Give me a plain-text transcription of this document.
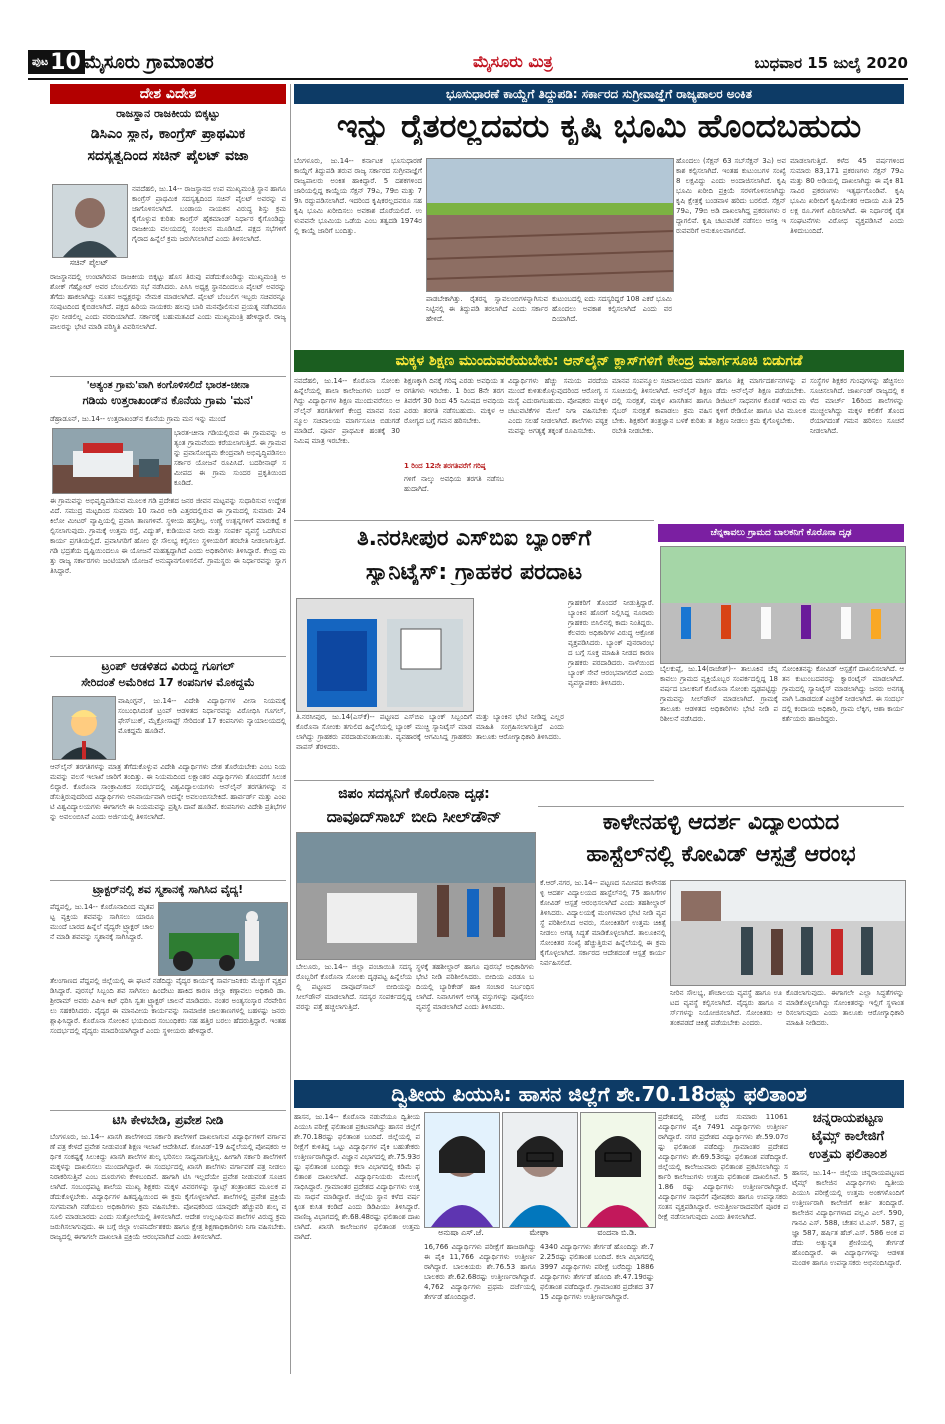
ಪುಟ 10 ಮೈಸೂರು ಗ್ರಾಮಾಂತರ	ಮೈಸೂರು ಮಿತ್ರ	ಬುಧವಾರ 15 ಜುಲೈ 2020
ದೇಶ ವಿದೇಶ
ರಾಜಸ್ಥಾನ ರಾಜಕೀಯ ಬಿಕ್ಕಟ್ಟು
ಡಿಸಿಎಂ ಸ್ಥಾನ, ಕಾಂಗ್ರೆಸ್ ಪ್ರಾಥಮಿಕ
ಸದಸ್ಯತ್ವದಿಂದ ಸಚಿನ್ ಪೈಲಟ್ ವಜಾ
ಸಚಿನ್ ಪೈಲಟ್
ನವದೆಹಲಿ, ಜು.14-- ರಾಜಸ್ಥಾನದ ಉಪ ಮುಖ್ಯಮಂತ್ರಿ ಸ್ಥಾನ ಹಾಗೂ ಕಾಂಗ್ರೆಸ್ ಪ್ರಾಥಮಿಕ ಸದಸ್ಯತ್ವದಿಂದ ಸಚಿನ್ ಪೈಲಟ್ ಅವರನ್ನು ವಜಾಗೊಳಿಸಲಾಗಿದೆ. ಬಂಡಾಯ ನಾಯಕನ ವಿರುದ್ಧ ಶಿಸ್ತು ಕ್ರಮ ಕೈಗೊಳ್ಳುವ ಕುರಿತು ಕಾಂಗ್ರೆಸ್ ಹೈಕಮಾಂಡ್ ನಿರ್ಧಾರ ಕೈಗೊಂಡಿದ್ದು ರಾಜಕೀಯ ವಲಯದಲ್ಲಿ ಸಂಚಲನ ಮೂಡಿಸಿದೆ. ಪಕ್ಷದ ಸಭೆಗಳಿಗೆ ಗೈರಾದ ಹಿನ್ನೆಲೆ ಕ್ರಮ ಜರುಗಿಸಲಾಗಿದೆ ಎಂದು ತಿಳಿಸಲಾಗಿದೆ.
ರಾಜಸ್ಥಾನದಲ್ಲಿ ಉಂಟಾಗಿರುವ ರಾಜಕೀಯ ಬಿಕ್ಕಟ್ಟು ಹೊಸ ತಿರುವು ಪಡೆದುಕೊಂಡಿದ್ದು ಮುಖ್ಯಮಂತ್ರಿ ಅಶೋಕ್ ಗೆಹ್ಲೋಟ್ ಅವರ ಬೆಂಬಲಿಗರು ಸಭೆ ನಡೆಸಿದರು. ಪಿಸಿಸಿ ಅಧ್ಯಕ್ಷ ಸ್ಥಾನದಿಂದಲೂ ಪೈಲಟ್ ಅವರನ್ನು ತೆಗೆದು ಹಾಕಲಾಗಿದ್ದು ನೂತನ ಅಧ್ಯಕ್ಷರನ್ನು ನೇಮಕ ಮಾಡಲಾಗಿದೆ. ಪೈಲಟ್ ಬೆಂಬಲಿಗ ಇಬ್ಬರು ಸಚಿವರನ್ನೂ ಸಂಪುಟದಿಂದ ಕೈಬಿಡಲಾಗಿದೆ. ಪಕ್ಷದ ಹಿರಿಯ ನಾಯಕರು ಹಲವು ಬಾರಿ ಮನವೊಲಿಸುವ ಪ್ರಯತ್ನ ನಡೆಸಿದರೂ ಫಲ ನೀಡಲಿಲ್ಲ ಎಂದು ವರದಿಯಾಗಿದೆ. ಸರ್ಕಾರಕ್ಕೆ ಬಹುಮತವಿದೆ ಎಂದು ಮುಖ್ಯಮಂತ್ರಿ ಹೇಳಿದ್ದಾರೆ. ರಾಜ್ಯಪಾಲರನ್ನು ಭೇಟಿ ಮಾಡಿ ಪರಿಸ್ಥಿತಿ ವಿವರಿಸಲಾಗಿದೆ.
'ಅತ್ಯಂತ ಗ್ರಾಮ'ವಾಗಿ ಕಂಗೊಳಿಸಲಿದೆ ಭಾರತ-ಚೀನಾ
ಗಡಿಯ ಉತ್ತರಾಖಂಡ್‌ನ ಕೊನೆಯ ಗ್ರಾಮ 'ಮನ'
ಡೆಹ್ರಾಡೂನ್, ಜು.14-- ಉತ್ತರಾಖಂಡ್‌ನ ಕೊನೆಯ ಗ್ರಾಮ ಮನ ಇನ್ನು ಮುಂದೆ
ಭಾರತ-ಚೀನಾ ಗಡಿಯಲ್ಲಿರುವ ಈ ಗ್ರಾಮವನ್ನು ಅತ್ಯಂತ ಗ್ರಾಮವೆಂದು ಕರೆಯಲಾಗುತ್ತಿದೆ. ಈ ಗ್ರಾಮವನ್ನು ಪ್ರವಾಸೋದ್ಯಮ ಕೇಂದ್ರವಾಗಿ ಅಭಿವೃದ್ಧಿಪಡಿಸಲು ಸರ್ಕಾರ ಯೋಜನೆ ರೂಪಿಸಿದೆ. ಬದರೀನಾಥ್ ಸಮೀಪದ ಈ ಗ್ರಾಮ ಸುಂದರ ಪ್ರಕೃತಿಯಿಂದ ಕೂಡಿದೆ.
ಈ ಗ್ರಾಮವನ್ನು ಅಭಿವೃದ್ಧಿಪಡಿಸುವ ಮೂಲಕ ಗಡಿ ಪ್ರದೇಶದ ಜನರ ಜೀವನ ಮಟ್ಟವನ್ನು ಸುಧಾರಿಸುವ ಉದ್ದೇಶವಿದೆ. ಸಮುದ್ರ ಮಟ್ಟದಿಂದ ಸುಮಾರು 10 ಸಾವಿರ ಅಡಿ ಎತ್ತರದಲ್ಲಿರುವ ಈ ಗ್ರಾಮದಲ್ಲಿ ಸುಮಾರು 24 ಕಿಲೋ ಮೀಟರ್ ವ್ಯಾಪ್ತಿಯಲ್ಲಿ ಪ್ರವಾಸಿ ತಾಣಗಳಿವೆ. ಸ್ಥಳೀಯ ಹಸ್ತಶಿಲ್ಪ, ಉಣ್ಣೆ ಉತ್ಪನ್ನಗಳಿಗೆ ಮಾರುಕಟ್ಟೆ ಕಲ್ಪಿಸಲಾಗುವುದು. ಗ್ರಾಮಕ್ಕೆ ಉತ್ತಮ ರಸ್ತೆ, ವಿದ್ಯುತ್, ಕುಡಿಯುವ ನೀರು ಮತ್ತು ಸಂಪರ್ಕ ವ್ಯವಸ್ಥೆ ಒದಗಿಸುವ ಕಾರ್ಯ ಪ್ರಗತಿಯಲ್ಲಿದೆ. ಪ್ರವಾಸಿಗರಿಗೆ ಹೋಂ ಸ್ಟೇ ಸೌಲಭ್ಯ ಕಲ್ಪಿಸಲು ಸ್ಥಳೀಯರಿಗೆ ತರಬೇತಿ ನೀಡಲಾಗುತ್ತಿದೆ. ಗಡಿ ಭದ್ರತೆಯ ದೃಷ್ಟಿಯಿಂದಲೂ ಈ ಯೋಜನೆ ಮಹತ್ವದ್ದಾಗಿದೆ ಎಂದು ಅಧಿಕಾರಿಗಳು ತಿಳಿಸಿದ್ದಾರೆ. ಕೇಂದ್ರ ಮತ್ತು ರಾಜ್ಯ ಸರ್ಕಾರಗಳು ಜಂಟಿಯಾಗಿ ಯೋಜನೆ ಅನುಷ್ಠಾನಗೊಳಿಸಲಿವೆ. ಗ್ರಾಮಸ್ಥರು ಈ ನಿರ್ಧಾರವನ್ನು ಸ್ವಾಗತಿಸಿದ್ದಾರೆ.
ಟ್ರಂಪ್ ಆಡಳಿತದ ವಿರುದ್ಧ ಗೂಗಲ್
ಸೇರಿದಂತೆ ಅಮೆರಿಕದ 17 ಕಂಪನಿಗಳ ಮೊಕದ್ದಮೆ
ವಾಷಿಂಗ್ಟನ್, ಜು.14-- ವಿದೇಶಿ ವಿದ್ಯಾರ್ಥಿಗಳ ವೀಸಾ ನಿಯಮಕ್ಕೆ ಸಂಬಂಧಿಸಿದಂತೆ ಟ್ರಂಪ್ ಆಡಳಿತದ ನಿರ್ಧಾರವನ್ನು ವಿರೋಧಿಸಿ ಗೂಗಲ್, ಫೇಸ್‌ಬುಕ್, ಮೈಕ್ರೋಸಾಫ್ಟ್ ಸೇರಿದಂತೆ 17 ಕಂಪನಿಗಳು ನ್ಯಾಯಾಲಯದಲ್ಲಿ ಮೊಕದ್ದಮೆ ಹೂಡಿವೆ.
ಆನ್‌ಲೈನ್ ತರಗತಿಗಳನ್ನು ಮಾತ್ರ ತೆಗೆದುಕೊಳ್ಳುವ ವಿದೇಶಿ ವಿದ್ಯಾರ್ಥಿಗಳು ದೇಶ ತೊರೆಯಬೇಕು ಎಂಬ ನಿಯಮವನ್ನು ವಲಸೆ ಇಲಾಖೆ ಜಾರಿಗೆ ತಂದಿತ್ತು. ಈ ನಿಯಮದಿಂದ ಲಕ್ಷಾಂತರ ವಿದ್ಯಾರ್ಥಿಗಳು ತೊಂದರೆಗೆ ಸಿಲುಕಲಿದ್ದಾರೆ. ಕೊರೊನಾ ಸಾಂಕ್ರಾಮಿಕದ ಸಂದರ್ಭದಲ್ಲಿ ವಿಶ್ವವಿದ್ಯಾಲಯಗಳು ಆನ್‌ಲೈನ್ ತರಗತಿಗಳನ್ನು ನಡೆಸುತ್ತಿರುವುದರಿಂದ ವಿದ್ಯಾರ್ಥಿಗಳು ಅನಿವಾರ್ಯವಾಗಿ ಅದನ್ನೇ ಅವಲಂಬಿಸಬೇಕಿದೆ. ಹಾರ್ವರ್ಡ್ ಮತ್ತು ಎಂಐಟಿ ವಿಶ್ವವಿದ್ಯಾಲಯಗಳು ಈಗಾಗಲೇ ಈ ನಿಯಮವನ್ನು ಪ್ರಶ್ನಿಸಿ ದಾವೆ ಹೂಡಿವೆ. ಕಂಪನಿಗಳು ವಿದೇಶಿ ಪ್ರತಿಭೆಗಳನ್ನು ಅವಲಂಬಿಸಿವೆ ಎಂದು ಅರ್ಜಿಯಲ್ಲಿ ತಿಳಿಸಲಾಗಿದೆ.
ಟ್ರ್ಯಾಕ್ಟರ್‌ನಲ್ಲಿ ಶವ ಸ್ಮಶಾನಕ್ಕೆ ಸಾಗಿಸಿದ ವೈದ್ಯ!
ಪೆದ್ದಪಲ್ಲಿ, ಜು.14-- ಕೊರೊನಾದಿಂದ ಮೃತಪಟ್ಟ ವ್ಯಕ್ತಿಯ ಶವವನ್ನು ಸಾಗಿಸಲು ಯಾರೂ ಮುಂದೆ ಬಾರದ ಹಿನ್ನೆಲೆ ವೈದ್ಯರೇ ಟ್ರ್ಯಾಕ್ಟರ್ ಚಾಲನೆ ಮಾಡಿ ಶವವನ್ನು ಸ್ಮಶಾನಕ್ಕೆ ಸಾಗಿಸಿದ್ದಾರೆ.
ತೆಲಂಗಾಣದ ಪೆದ್ದಪಲ್ಲಿ ಜಿಲ್ಲೆಯಲ್ಲಿ ಈ ಘಟನೆ ನಡೆದಿದ್ದು ವೈದ್ಯರ ಕಾರ್ಯಕ್ಕೆ ಸಾರ್ವಜನಿಕರು ಮೆಚ್ಚುಗೆ ವ್ಯಕ್ತಪಡಿಸಿದ್ದಾರೆ. ಪುರಸಭೆ ಸಿಬ್ಬಂದಿ ಶವ ಸಾಗಿಸಲು ಹಿಂದೇಟು ಹಾಕಿದ ಕಾರಣ ಜಿಲ್ಲಾ ಕಣ್ಗಾವಲು ಅಧಿಕಾರಿ ಡಾ. ಶ್ರೀರಾಮ್ ಅವರು ಪಿಪಿಇ ಕಿಟ್ ಧರಿಸಿ ಸ್ವತಃ ಟ್ರ್ಯಾಕ್ಟರ್ ಚಾಲನೆ ಮಾಡಿದರು. ನಂತರ ಅಂತ್ಯಸಂಸ್ಕಾರ ನೆರವೇರಿಸಲು ಸಹಕರಿಸಿದರು. ವೈದ್ಯರ ಈ ಮಾನವೀಯ ಕಾರ್ಯವನ್ನು ಸಾಮಾಜಿಕ ಜಾಲತಾಣಗಳಲ್ಲಿ ಬಹಳಷ್ಟು ಜನರು ಶ್ಲಾಘಿಸಿದ್ದಾರೆ. ಕೊರೊನಾ ಸೋಂಕಿನ ಭಯದಿಂದ ಸಂಬಂಧಿಕರು ಸಹ ಹತ್ತಿರ ಬರಲು ಹೆದರುತ್ತಿದ್ದಾರೆ. ಇಂತಹ ಸಂದರ್ಭದಲ್ಲಿ ವೈದ್ಯರು ಮಾದರಿಯಾಗಿದ್ದಾರೆ ಎಂದು ಸ್ಥಳೀಯರು ಹೇಳಿದ್ದಾರೆ.
ಟಿಸಿ ಕೇಳಬೇಡಿ, ಪ್ರವೇಶ ನೀಡಿ
ಬೆಂಗಳೂರು, ಜು.14-- ಖಾಸಗಿ ಶಾಲೆಗಳಿಂದ ಸರ್ಕಾರಿ ಶಾಲೆಗಳಿಗೆ ದಾಖಲಾಗುವ ವಿದ್ಯಾರ್ಥಿಗಳಿಗೆ ವರ್ಗಾವಣೆ ಪತ್ರ ಕೇಳದೆ ಪ್ರವೇಶ ನೀಡುವಂತೆ ಶಿಕ್ಷಣ ಇಲಾಖೆ ಆದೇಶಿಸಿದೆ. ಕೋವಿಡ್-19 ಹಿನ್ನೆಲೆಯಲ್ಲಿ ಪೋಷಕರು ಆರ್ಥಿಕ ಸಂಕಷ್ಟಕ್ಕೆ ಸಿಲುಕಿದ್ದು ಖಾಸಗಿ ಶಾಲೆಗಳ ಶುಲ್ಕ ಭರಿಸಲು ಸಾಧ್ಯವಾಗುತ್ತಿಲ್ಲ. ಹೀಗಾಗಿ ಸರ್ಕಾರಿ ಶಾಲೆಗಳಿಗೆ ಮಕ್ಕಳನ್ನು ದಾಖಲಿಸಲು ಮುಂದಾಗಿದ್ದಾರೆ. ಈ ಸಂದರ್ಭದಲ್ಲಿ ಖಾಸಗಿ ಶಾಲೆಗಳು ವರ್ಗಾವಣೆ ಪತ್ರ ನೀಡಲು ನಿರಾಕರಿಸುತ್ತಿವೆ ಎಂಬ ದೂರುಗಳು ಕೇಳಿಬಂದಿವೆ. ಹಾಗಾಗಿ ಟಿಸಿ ಇಲ್ಲದೆಯೇ ಪ್ರವೇಶ ನೀಡುವಂತೆ ಸೂಚಿಸಲಾಗಿದೆ. ಸಂಬಂಧಪಟ್ಟ ಶಾಲೆಯ ಮುಖ್ಯ ಶಿಕ್ಷಕರು ಮಕ್ಕಳ ವಿವರಗಳನ್ನು ಸ್ಯಾಟ್ಸ್ ತಂತ್ರಾಂಶದ ಮೂಲಕ ಪಡೆದುಕೊಳ್ಳಬೇಕು. ವಿದ್ಯಾರ್ಥಿಗಳ ಹಿತದೃಷ್ಟಿಯಿಂದ ಈ ಕ್ರಮ ಕೈಗೊಳ್ಳಲಾಗಿದೆ. ಶಾಲೆಗಳಲ್ಲಿ ಪ್ರವೇಶ ಪ್ರಕ್ರಿಯೆ ಸುಗಮವಾಗಿ ನಡೆಯಲು ಅಧಿಕಾರಿಗಳು ಕ್ರಮ ವಹಿಸಬೇಕು. ಪೋಷಕರಿಂದ ಯಾವುದೇ ಹೆಚ್ಚುವರಿ ಶುಲ್ಕ ವಸೂಲಿ ಮಾಡಬಾರದು ಎಂದು ಸುತ್ತೋಲೆಯಲ್ಲಿ ತಿಳಿಸಲಾಗಿದೆ. ಆದೇಶ ಉಲ್ಲಂಘಿಸುವ ಶಾಲೆಗಳ ವಿರುದ್ಧ ಕ್ರಮ ಜರುಗಿಸಲಾಗುವುದು. ಈ ಬಗ್ಗೆ ಜಿಲ್ಲಾ ಉಪನಿರ್ದೇಶಕರು ಹಾಗೂ ಕ್ಷೇತ್ರ ಶಿಕ್ಷಣಾಧಿಕಾರಿಗಳು ನಿಗಾ ವಹಿಸಬೇಕು. ರಾಜ್ಯದಲ್ಲಿ ಈಗಾಗಲೇ ದಾಖಲಾತಿ ಪ್ರಕ್ರಿಯೆ ಆರಂಭವಾಗಿದೆ ಎಂದು ತಿಳಿಸಲಾಗಿದೆ.
ಭೂಸುಧಾರಣೆ ಕಾಯ್ದೆಗೆ ತಿದ್ದುಪಡಿ: ಸರ್ಕಾರದ ಸುಗ್ರೀವಾಜ್ಞೆಗೆ ರಾಜ್ಯಪಾಲರ ಅಂಕಿತ
ಇನ್ನು ರೈತರಲ್ಲದವರು ಕೃಷಿ ಭೂಮಿ ಹೊಂದಬಹುದು
ಬೆಂಗಳೂರು, ಜು.14-- ಕರ್ನಾಟಕ ಭೂಸುಧಾರಣೆ ಕಾಯ್ದೆಗೆ ತಿದ್ದುಪಡಿ ತರುವ ರಾಜ್ಯ ಸರ್ಕಾರದ ಸುಗ್ರೀವಾಜ್ಞೆಗೆ ರಾಜ್ಯಪಾಲರು ಅಂಕಿತ ಹಾಕಿದ್ದಾರೆ. 5 ದಶಕಗಳಿಂದ ಜಾರಿಯಲ್ಲಿದ್ದ ಕಾಯ್ದೆಯ ಸೆಕ್ಷನ್ 79ಎ, 79ಬಿ ಮತ್ತು 79ಸಿ ರದ್ದುಪಡಿಸಲಾಗಿದೆ. ಇದರಿಂದ ಕೃಷಿಕರಲ್ಲದವರೂ ಸಹ ಕೃಷಿ ಭೂಮಿ ಖರೀದಿಸಲು ಅವಕಾಶ ದೊರೆಯಲಿದೆ. ಉಳುವವನೇ ಭೂಮಿಯ ಒಡೆಯ ಎಂಬ ತತ್ವದಡಿ 1974ರಲ್ಲಿ ಕಾಯ್ದೆ ಜಾರಿಗೆ ಬಂದಿತ್ತು.
ಪಾಡಬೇಕಾಗಿತ್ತು. ರೈತರನ್ನ ಸ್ವಾವಲಂಬಿಗಳನ್ನಾಗಿಸುವ ನಿಟ್ಟಿನಲ್ಲಿ ಈ ತಿದ್ದುಪಡಿ ತರಲಾಗಿದೆ ಎಂದು ಸರ್ಕಾರ ಹೇಳಿದೆ.
ಕುಟುಂಬದಲ್ಲಿ ಐದು ಸದಸ್ಯರಿದ್ದರೆ 108 ಎಕರೆ ಭೂಮಿ ಹೊಂದಲು ಅವಕಾಶ ಕಲ್ಪಿಸಲಾಗಿದೆ ಎಂದು ವರದಿಯಾಗಿದೆ.
ಹೊಂದಲು (ಸೆಕ್ಷನ್ 63 ಸಬ್‌ಸೆಕ್ಷನ್ 3ಎ) ಅವಕಾಶ ಕಲ್ಪಿಸಲಾಗಿದೆ. ಇಂತಹ ಕುಟುಂಬಗಳ ಸಂಖ್ಯೆ 8 ಲಕ್ಷವಿದ್ದು ಎಂದು ಅಂದಾಜಿಸಲಾಗಿದೆ. ಕೃಷಿ ಭೂಮಿ ಖರೀದಿ ಪ್ರಕ್ರಿಯೆ ಸರಳಗೊಳಿಸಲಾಗಿದ್ದು ಕೃಷಿ ಕ್ಷೇತ್ರಕ್ಕೆ ಬಂಡವಾಳ ಹರಿದು ಬರಲಿದೆ. ಸೆಕ್ಷನ್ 79ಎ, 79ಬಿ ಅಡಿ ದಾಖಲಾಗಿದ್ದ ಪ್ರಕರಣಗಳು ರದ್ದಾಗಲಿವೆ. ಕೃಷಿ ಚಟುವಟಿಕೆ ನಡೆಸಲು ಆಸಕ್ತಿ ಇರುವವರಿಗೆ ಅನುಕೂಲವಾಗಲಿದೆ.
ಮಾಡಲಾಗುತ್ತಿದೆ. ಕಳೆದ 45 ವರ್ಷಗಳಿಂದ ಸುಮಾರು 83,171 ಪ್ರಕರಣಗಳು ಸೆಕ್ಷನ್ 79ಎ ಮತ್ತು 80 ಅಡಿಯಲ್ಲಿ ದಾಖಲಾಗಿದ್ದು ಈ ಪೈಕಿ 81 ಸಾವಿರ ಪ್ರಕರಣಗಳು ಇತ್ಯರ್ಥಗೊಂಡಿವೆ. ಕೃಷಿ ಭೂಮಿ ಖರೀದಿಗೆ ಕೃಷಿಯೇತರ ಆದಾಯ ಮಿತಿ 25 ಲಕ್ಷ ರೂ.ಗಳಿಗೆ ಏರಿಸಲಾಗಿದೆ. ಈ ನಿರ್ಧಾರಕ್ಕೆ ರೈತ ಸಂಘಟನೆಗಳು ವಿರೋಧ ವ್ಯಕ್ತಪಡಿಸಿವೆ ಎಂದು ತಿಳಿದುಬಂದಿದೆ.
ಮಕ್ಕಳ ಶಿಕ್ಷಣ ಮುಂದುವರೆಯಬೇಕು: ಆನ್‌ಲೈನ್ ಕ್ಲಾಸ್‌ಗಳಿಗೆ ಕೇಂದ್ರ ಮಾರ್ಗಸೂಚಿ ಬಿಡುಗಡೆ
ನವದೆಹಲಿ, ಜು.14-- ಕೊರೊನಾ ಸೋಂಕು ಹಿನ್ನೆಲೆಯಲ್ಲಿ ಶಾಲಾ ಕಾಲೇಜುಗಳು ಬಂದ್ ಆಗಿದ್ದು ವಿದ್ಯಾರ್ಥಿಗಳ ಶಿಕ್ಷಣ ಮುಂದುವರೆಸಲು ಆನ್‌ಲೈನ್ ತರಗತಿಗಳಿಗೆ ಕೇಂದ್ರ ಮಾನವ ಸಂಪನ್ಮೂಲ ಸಚಿವಾಲಯ ಮಾರ್ಗಸೂಚಿ ಬಿಡುಗಡೆ ಮಾಡಿದೆ. ಪೂರ್ವ ಪ್ರಾಥಮಿಕ ಹಂತಕ್ಕೆ 30 ನಿಮಿಷ ಮಾತ್ರ ಇರಬೇಕು.
ಶಿಕ್ಷಣಕ್ಕಾಗಿ ದಿನಕ್ಕೆ ಗರಿಷ್ಠ ಎರಡು ಅವಧಿಯ ತರಗತಿಗಳು ಇರಬೇಕು. 1 ರಿಂದ 8ನೇ ತರಗತಿವರೆಗೆ 30 ರಿಂದ 45 ನಿಮಿಷದ ಅವಧಿಯ ಎರಡು ತರಗತಿ ನಡೆಸಬಹುದು. ಮಕ್ಕಳ ಆರೋಗ್ಯದ ಬಗ್ಗೆ ಗಮನ ಹರಿಸಬೇಕು.
1 ರಿಂದ 12ನೇ ತರಗತಿವರೆಗೆ ಗರಿಷ್ಠ
ಗಳಿಗೆ ನಾಲ್ಕು ಅವಧಿಯ ತರಗತಿ ನಡೆಸಬಹುದಾಗಿದೆ.
ವಿದ್ಯಾರ್ಥಿಗಳು ಹೆಚ್ಚು ಸಮಯ ಪರದೆಯ ಮುಂದೆ ಕುಳಿತುಕೊಳ್ಳುವುದರಿಂದ ಆರೋಗ್ಯ ಸಮಸ್ಯೆ ಎದುರಾಗಬಹುದು. ಪೋಷಕರು ಮಕ್ಕಳ ಚಟುವಟಿಕೆಗಳ ಮೇಲೆ ನಿಗಾ ವಹಿಸಬೇಕು ಎಂದು ಸಲಹೆ ನೀಡಲಾಗಿದೆ. ಶಾಲೆಗಳು ಪಠ್ಯಕ್ರಮವನ್ನು ಅಗತ್ಯಕ್ಕೆ ತಕ್ಕಂತೆ ರೂಪಿಸಬೇಕು.
ಮಾನವ ಸಂಪನ್ಮೂಲ ಸಚಿವಾಲಯದ ಮಾರ್ಗಸೂಚಿಯಲ್ಲಿ ತಿಳಿಸಲಾಗಿದೆ. ಆನ್‌ಲೈನ್ ಶಿಕ್ಷಣದಲ್ಲಿ ಸುರಕ್ಷತೆ, ಮಕ್ಕಳ ಖಾಸಗಿತನ ಹಾಗೂ ಸೈಬರ್ ಸುರಕ್ಷತೆ ಕಾಪಾಡಲು ಕ್ರಮ ವಹಿಸಬೇಕು. ಶಿಕ್ಷಕರಿಗೆ ತಂತ್ರಜ್ಞಾನ ಬಳಕೆ ಕುರಿತು ತರಬೇತಿ ನೀಡಬೇಕು.
ಹಾಗೂ ತಿಕ್ಷ ಮಾರ್ಗದರ್ಶನಗಳನ್ನು ಪಡೆದು ಆನ್‌ಲೈನ್ ಶಿಕ್ಷಣ ಪಡೆಯಬೇಕು. ಡಿಜಿಟಲ್ ಸಾಧನಗಳ ಕೊರತೆ ಇರುವ ಮಕ್ಕಳಿಗೆ ರೇಡಿಯೋ ಹಾಗೂ ಟಿವಿ ಮೂಲಕ ಶಿಕ್ಷಣ ನೀಡಲು ಕ್ರಮ ಕೈಗೊಳ್ಳಬೇಕು.
ಸಂಸ್ಥೆಗಳ ಶಿಕ್ಷಕರ ಗುಂಪುಗಳನ್ನು ಹೆಚ್ಚಿಸಲು ಸೂಚಿಸಲಾಗಿದೆ. ಜಾರ್ಖಂಡ್ ರಾಜ್ಯದಲ್ಲಿ ಕಳೆದ ಮಾರ್ಚ್ 16ರಿಂದ ಶಾಲೆಗಳನ್ನು ಮುಚ್ಚಲಾಗಿದ್ದು ಮಕ್ಕಳ ಕಲಿಕೆಗೆ ತೊಂದರೆಯಾಗದಂತೆ ಗಮನ ಹರಿಸಲು ಸೂಚನೆ ನೀಡಲಾಗಿದೆ.
ತಿ.ನರಸೀಪುರ ಎಸ್‌ಬಿಐ ಬ್ಯಾಂಕ್‌ಗೆ
ಸ್ಯಾನಿಟೈಸ್: ಗ್ರಾಹಕರ ಪರದಾಟ
ತಿ.ನರಸೀಪುರ, ಜು.14(ಎಸ್‌ಕೆ)-- ಪಟ್ಟಣದ ಎಸ್‌ಬಿಐ ಬ್ಯಾಂಕ್ ಸಿಬ್ಬಂದಿಗೆ ಕೊರೊನಾ ಸೋಂಕು ತಗುಲಿದ ಹಿನ್ನೆಲೆಯಲ್ಲಿ ಬ್ಯಾಂಕ್ ಮುಚ್ಚಿ ಸ್ಯಾನಿಟೈಸ್ ಮಾಡಲಾಗಿದ್ದು ಗ್ರಾಹಕರು ಪರದಾಡುವಂತಾಯಿತು. ವ್ಯವಹಾರಕ್ಕೆ ಆಗಮಿಸಿದ್ದ ಗ್ರಾಹಕರು ವಾಪಸ್ ತೆರಳಿದರು.
ಮತ್ತು ಬ್ಯಾಂಕಿನ ಭೇಟಿ ನೀಡಿದ್ದ ಎಲ್ಲರ ಮಾಹಿತಿ ಸಂಗ್ರಹಿಸಲಾಗುತ್ತಿದೆ ಎಂದು ತಾಲೂಕು ಆರೋಗ್ಯಾಧಿಕಾರಿ ತಿಳಿಸಿದರು.
ಗ್ರಾಹಕರಿಗೆ ತೊಂದರೆ ನೀಡುತ್ತಿದ್ದಾರೆ. ಬ್ಯಾಂಕಿನ ಹೊರಗೆ ನಿಲ್ಲಿಸಿದ್ದ ನೂರಾರು ಗ್ರಾಹಕರು ಬಿಸಿಲಿನಲ್ಲಿ ಕಾದು ನಿಂತಿದ್ದರು. ಕೆಲವರು ಅಧಿಕಾರಿಗಳ ವಿರುದ್ಧ ಆಕ್ರೋಶ ವ್ಯಕ್ತಪಡಿಸಿದರು. ಬ್ಯಾಂಕ್ ಪುನರಾರಂಭದ ಬಗ್ಗೆ ಸೂಕ್ತ ಮಾಹಿತಿ ನೀಡದ ಕಾರಣ ಗ್ರಾಹಕರು ಪರದಾಡಿದರು. ನಾಳೆಯಿಂದ ಬ್ಯಾಂಕ್ ಸೇವೆ ಆರಂಭವಾಗಲಿದೆ ಎಂದು ವ್ಯವಸ್ಥಾಪಕರು ತಿಳಿಸಿದರು.
ಚೆನ್ನಕಾವಲು ಗ್ರಾಮದ ಬಾಲಕನಿಗೆ ಕೊರೊನಾ ದೃಢ
ಬೈಲಕುಪ್ಪೆ, ಜು.14(ರಾಜೇಶ್)-- ತಾಲೂಕಿನ ಚೆನ್ನಕಾವಲು ಗ್ರಾಮದ ವ್ಯಕ್ತಿಯೊಬ್ಬರ ಸಂಪರ್ಕದಲ್ಲಿದ್ದ 18 ವರ್ಷದ ಬಾಲಕನಿಗೆ ಕೊರೊನಾ ಸೋಂಕು ದೃಢಪಟ್ಟಿದ್ದು ಗ್ರಾಮವನ್ನು ಸೀಲ್‌ಡೌನ್ ಮಾಡಲಾಗಿದೆ. ಗ್ರಾಮಕ್ಕೆ ತಾಲೂಕು ಆಡಳಿತದ ಅಧಿಕಾರಿಗಳು ಭೇಟಿ ನೀಡಿ ಪರಿಶೀಲನೆ ನಡೆಸಿದರು.
ಸೋಂಕಿತನನ್ನು ಕೋವಿಡ್ ಆಸ್ಪತ್ರೆಗೆ ದಾಖಲಿಸಲಾಗಿದೆ. ಆತನ ಕುಟುಂಬದವರನ್ನು ಕ್ವಾರಂಟೈನ್ ಮಾಡಲಾಗಿದೆ. ಗ್ರಾಮದಲ್ಲಿ ಸ್ಯಾನಿಟೈಸ್ ಮಾಡಲಾಗಿದ್ದು ಜನರು ಅನಗತ್ಯವಾಗಿ ಓಡಾಡದಂತೆ ಎಚ್ಚರಿಕೆ ನೀಡಲಾಗಿದೆ. ಈ ಸಂದರ್ಭದಲ್ಲಿ ಕಂದಾಯ ಅಧಿಕಾರಿ, ಗ್ರಾಮ ಲೆಕ್ಕಿಗ, ಆಶಾ ಕಾರ್ಯಕರ್ತೆಯರು ಹಾಜರಿದ್ದರು.
ಜಿಪಂ ಸದಸ್ಯನಿಗೆ ಕೊರೊನಾ ದೃಢ:
ದಾವೂದ್‌ಸಾಬ್ ಬೀದಿ ಸೀಲ್‌ಡೌನ್
ಬೇಲೂರು, ಜು.14-- ಜಿಲ್ಲಾ ಪಂಚಾಯಿತಿ ಸದಸ್ಯರೊಬ್ಬರಿಗೆ ಕೊರೊನಾ ಸೋಂಕು ದೃಢಪಟ್ಟ ಹಿನ್ನೆಲೆಯಲ್ಲಿ ಪಟ್ಟಣದ ದಾವೂದ್‌ಸಾಬ್ ಬೀದಿಯನ್ನು ಸೀಲ್‌ಡೌನ್ ಮಾಡಲಾಗಿದೆ. ಸದಸ್ಯರ ಸಂಪರ್ಕದಲ್ಲಿದ್ದವರನ್ನು ಪತ್ತೆ ಹಚ್ಚಲಾಗುತ್ತಿದೆ.
ಸ್ಥಳಕ್ಕೆ ತಹಶೀಲ್ದಾರ್ ಹಾಗೂ ಪುರಸಭೆ ಅಧಿಕಾರಿಗಳು ಭೇಟಿ ನೀಡಿ ಪರಿಶೀಲಿಸಿದರು. ಬೀದಿಯ ಎರಡೂ ಬದಿಯಲ್ಲಿ ಬ್ಯಾರಿಕೇಡ್ ಹಾಕಿ ಸಂಚಾರ ನಿರ್ಬಂಧಿಸಲಾಗಿದೆ. ನಿವಾಸಿಗಳಿಗೆ ಅಗತ್ಯ ವಸ್ತುಗಳನ್ನು ಪೂರೈಸಲು ವ್ಯವಸ್ಥೆ ಮಾಡಲಾಗಿದೆ ಎಂದು ತಿಳಿಸಿದರು.
ಕಾಳೇನಹಳ್ಳಿ ಆದರ್ಶ ವಿದ್ಯಾಲಯದ
ಹಾಸ್ಟೆಲ್‌ನಲ್ಲಿ ಕೋವಿಡ್ ಆಸ್ಪತ್ರೆ ಆರಂಭ
ಕೆ.ಆರ್.ನಗರ, ಜು.14-- ಪಟ್ಟಣದ ಸಮೀಪದ ಕಾಳೇನಹಳ್ಳಿ ಆದರ್ಶ ವಿದ್ಯಾಲಯದ ಹಾಸ್ಟೆಲ್‌ನಲ್ಲಿ 75 ಹಾಸಿಗೆಗಳ ಕೋವಿಡ್ ಆಸ್ಪತ್ರೆ ಆರಂಭಿಸಲಾಗಿದೆ ಎಂದು ತಹಶೀಲ್ದಾರ್ ತಿಳಿಸಿದರು. ವಿದ್ಯಾಲಯಕ್ಕೆ ಮಂಗಳವಾರ ಭೇಟಿ ನೀಡಿ ವ್ಯವಸ್ಥೆ ಪರಿಶೀಲಿಸಿದ ಅವರು, ಸೋಂಕಿತರಿಗೆ ಉತ್ತಮ ಚಿಕಿತ್ಸೆ ನೀಡಲು ಅಗತ್ಯ ಸಿದ್ಧತೆ ಮಾಡಿಕೊಳ್ಳಲಾಗಿದೆ. ತಾಲೂಕಿನಲ್ಲಿ ಸೋಂಕಿತರ ಸಂಖ್ಯೆ ಹೆಚ್ಚುತ್ತಿರುವ ಹಿನ್ನೆಲೆಯಲ್ಲಿ ಈ ಕ್ರಮ ಕೈಗೊಳ್ಳಲಾಗಿದೆ. ಸರ್ಕಾರದ ಆದೇಶದಂತೆ ಆಸ್ಪತ್ರೆ ಕಾರ್ಯನಿರ್ವಹಿಸಲಿದೆ.
ನೀರಿನ ಸೌಲಭ್ಯ, ಶೌಚಾಲಯ ವ್ಯವಸ್ಥೆ ಹಾಗೂ ಊಟದ ವ್ಯವಸ್ಥೆ ಕಲ್ಪಿಸಲಾಗಿದೆ. ವೈದ್ಯರು ಹಾಗೂ ನರ್ಸ್‌ಗಳನ್ನು ನಿಯೋಜಿಸಲಾಗಿದೆ. ಸೋಂಕಿತರು ಆತಂಕಪಡದೆ ಚಿಕಿತ್ಸೆ ಪಡೆಯಬೇಕು ಎಂದರು.
ಕೊಡಲಾಗುವುದು. ಈಗಾಗಲೇ ಎಲ್ಲಾ ಸಿದ್ಧತೆಗಳನ್ನು ಮಾಡಿಕೊಳ್ಳಲಾಗಿದ್ದು ಸೋಂಕಿತರನ್ನು ಇಲ್ಲಿಗೆ ಸ್ಥಳಾಂತರಿಸಲಾಗುವುದು ಎಂದು ತಾಲೂಕು ಆರೋಗ್ಯಾಧಿಕಾರಿ ಮಾಹಿತಿ ನೀಡಿದರು.
ದ್ವಿತೀಯ ಪಿಯುಸಿ: ಹಾಸನ ಜಿಲ್ಲೆಗೆ ಶೇ.70.18ರಷ್ಟು ಫಲಿತಾಂಶ
ಹಾಸನ, ಜು.14-- ಕೊರೊನಾ ನಡುವೆಯೂ ದ್ವಿತೀಯ ಪಿಯುಸಿ ಪರೀಕ್ಷೆ ಫಲಿತಾಂಶ ಪ್ರಕಟವಾಗಿದ್ದು ಹಾಸನ ಜಿಲ್ಲೆಗೆ ಶೇ.70.18ರಷ್ಟು ಫಲಿತಾಂಶ ಬಂದಿದೆ. ಜಿಲ್ಲೆಯಲ್ಲಿ ಪರೀಕ್ಷೆಗೆ ಕುಳಿತಿದ್ದ ಒಟ್ಟು ವಿದ್ಯಾರ್ಥಿಗಳ ಪೈಕಿ ಬಹುತೇಕರು ಉತ್ತೀರ್ಣರಾಗಿದ್ದಾರೆ. ವಿಜ್ಞಾನ ವಿಭಾಗದಲ್ಲಿ ಶೇ.75.93ರಷ್ಟು ಫಲಿತಾಂಶ ಬಂದಿದ್ದು ಕಲಾ ವಿಭಾಗದಲ್ಲಿ ಕಡಿಮೆ ಫಲಿತಾಂಶ ದಾಖಲಾಗಿದೆ. ವಿದ್ಯಾರ್ಥಿನಿಯರು ಮೇಲುಗೈ ಸಾಧಿಸಿದ್ದಾರೆ. ಗ್ರಾಮಾಂತರ ಪ್ರದೇಶದ ವಿದ್ಯಾರ್ಥಿಗಳು ಉತ್ತಮ ಸಾಧನೆ ಮಾಡಿದ್ದಾರೆ. ಜಿಲ್ಲೆಯ ಸ್ಥಾನ ಕಳೆದ ವರ್ಷಕ್ಕಿಂತ ಕುಸಿತ ಕಂಡಿದೆ ಎಂದು ಡಿಡಿಪಿಯು ತಿಳಿಸಿದ್ದಾರೆ. ವಾಣಿಜ್ಯ ವಿಭಾಗದಲ್ಲಿ ಶೇ.68.48ರಷ್ಟು ಫಲಿತಾಂಶ ದಾಖಲಾಗಿದೆ. ಖಾಸಗಿ ಕಾಲೇಜುಗಳ ಫಲಿತಾಂಶ ಉತ್ತಮವಾಗಿದೆ.	ಅನುಷಾ ಎಸ್.ಜೆ.	ಮೇಘಾ	ವಂದನಾ ಬಿ.ಡಿ.
16,766 ವಿದ್ಯಾರ್ಥಿಗಳು ಪರೀಕ್ಷೆಗೆ ಹಾಜರಾಗಿದ್ದು ಈ ಪೈಕಿ 11,766 ವಿದ್ಯಾರ್ಥಿಗಳು ಉತ್ತೀರ್ಣರಾಗಿದ್ದಾರೆ. ಬಾಲಕಿಯರು ಶೇ.76.53 ಹಾಗೂ ಬಾಲಕರು ಶೇ.62.68ರಷ್ಟು ಉತ್ತೀರ್ಣರಾಗಿದ್ದಾರೆ. 4,762 ವಿದ್ಯಾರ್ಥಿಗಳು ಪ್ರಥಮ ದರ್ಜೆಯಲ್ಲಿ ತೇರ್ಗಡೆ ಹೊಂದಿದ್ದಾರೆ.
4340 ವಿದ್ಯಾರ್ಥಿಗಳು ತೇರ್ಗಡೆ ಹೊಂದಿದ್ದು ಶೇ.72.25ರಷ್ಟು ಫಲಿತಾಂಶ ಬಂದಿದೆ. ಕಲಾ ವಿಭಾಗದಲ್ಲಿ 3997 ವಿದ್ಯಾರ್ಥಿಗಳು ಪರೀಕ್ಷೆ ಬರೆದಿದ್ದು 1886 ವಿದ್ಯಾರ್ಥಿಗಳು ತೇರ್ಗಡೆ ಹೊಂದಿ ಶೇ.47.19ರಷ್ಟು ಫಲಿತಾಂಶ ಪಡೆದಿದ್ದಾರೆ. ಗ್ರಾಮಾಂತರ ಪ್ರದೇಶದ 3715 ವಿದ್ಯಾರ್ಥಿಗಳು ಉತ್ತೀರ್ಣರಾಗಿದ್ದಾರೆ.
ಪ್ರದೇಶದಲ್ಲಿ ಪರೀಕ್ಷೆ ಬರೆದ ಸುಮಾರು 11061 ವಿದ್ಯಾರ್ಥಿಗಳ ಪೈಕಿ 7491 ವಿದ್ಯಾರ್ಥಿಗಳು ಉತ್ತೀರ್ಣರಾಗಿದ್ದಾರೆ. ನಗರ ಪ್ರದೇಶದ ವಿದ್ಯಾರ್ಥಿಗಳು ಶೇ.59.07ರಷ್ಟು ಫಲಿತಾಂಶ ಪಡೆದಿದ್ದು ಗ್ರಾಮಾಂತರ ಪ್ರದೇಶದ ವಿದ್ಯಾರ್ಥಿಗಳು ಶೇ.69.53ರಷ್ಟು ಫಲಿತಾಂಶ ಪಡೆದಿದ್ದಾರೆ. ಜಿಲ್ಲೆಯಲ್ಲಿ ಕಾಲೇಜುವಾರು ಫಲಿತಾಂಶ ಪ್ರಕಟಿಸಲಾಗಿದ್ದು ಸರ್ಕಾರಿ ಕಾಲೇಜುಗಳು ಉತ್ತಮ ಫಲಿತಾಂಶ ದಾಖಲಿಸಿವೆ. 51.86 ರಷ್ಟು ವಿದ್ಯಾರ್ಥಿಗಳು ಉತ್ತೀರ್ಣರಾಗಿದ್ದಾರೆ. ವಿದ್ಯಾರ್ಥಿಗಳ ಸಾಧನೆಗೆ ಪೋಷಕರು ಹಾಗೂ ಉಪನ್ಯಾಸಕರು ಸಂತಸ ವ್ಯಕ್ತಪಡಿಸಿದ್ದಾರೆ. ಅನುತ್ತೀರ್ಣರಾದವರಿಗೆ ಪೂರಕ ಪರೀಕ್ಷೆ ನಡೆಸಲಾಗುವುದು ಎಂದು ತಿಳಿಸಲಾಗಿದೆ.
ಚನ್ನರಾಯಪಟ್ಟಣ
ಟೈಮ್ಸ್ ಕಾಲೇಜಿಗೆ
ಉತ್ತಮ ಫಲಿತಾಂಶ
ಹಾಸನ, ಜು.14-- ಜಿಲ್ಲೆಯ ಚನ್ನರಾಯಪಟ್ಟಣದ ಟೈಮ್ಸ್ ಕಾಲೇಜಿನ ವಿದ್ಯಾರ್ಥಿಗಳು ದ್ವಿತೀಯ ಪಿಯುಸಿ ಪರೀಕ್ಷೆಯಲ್ಲಿ ಉತ್ತಮ ಅಂಕಗಳೊಂದಿಗೆ ಉತ್ತೀರ್ಣರಾಗಿ ಕಾಲೇಜಿಗೆ ಕೀರ್ತಿ ತಂದಿದ್ದಾರೆ. ಕಾಲೇಜಿನ ವಿದ್ಯಾರ್ಥಿಗಳಾದ ಪಲ್ಲವಿ ಎಲ್. 590, ಗಾನವಿ ಎಸ್. 588, ಚೇತನ ಟಿ.ಎಸ್. 587, ಪ್ರಜ್ಞಾ 587, ಹರ್ಷಿತ ಹೆಚ್.ಎಸ್. 586 ಅಂಕ ಪಡೆದು ಅತ್ಯುನ್ನತ ಶ್ರೇಣಿಯಲ್ಲಿ ತೇರ್ಗಡೆ ಹೊಂದಿದ್ದಾರೆ. ಈ ವಿದ್ಯಾರ್ಥಿಗಳನ್ನು ಆಡಳಿತ ಮಂಡಳಿ ಹಾಗೂ ಉಪನ್ಯಾಸಕರು ಅಭಿನಂದಿಸಿದ್ದಾರೆ.
